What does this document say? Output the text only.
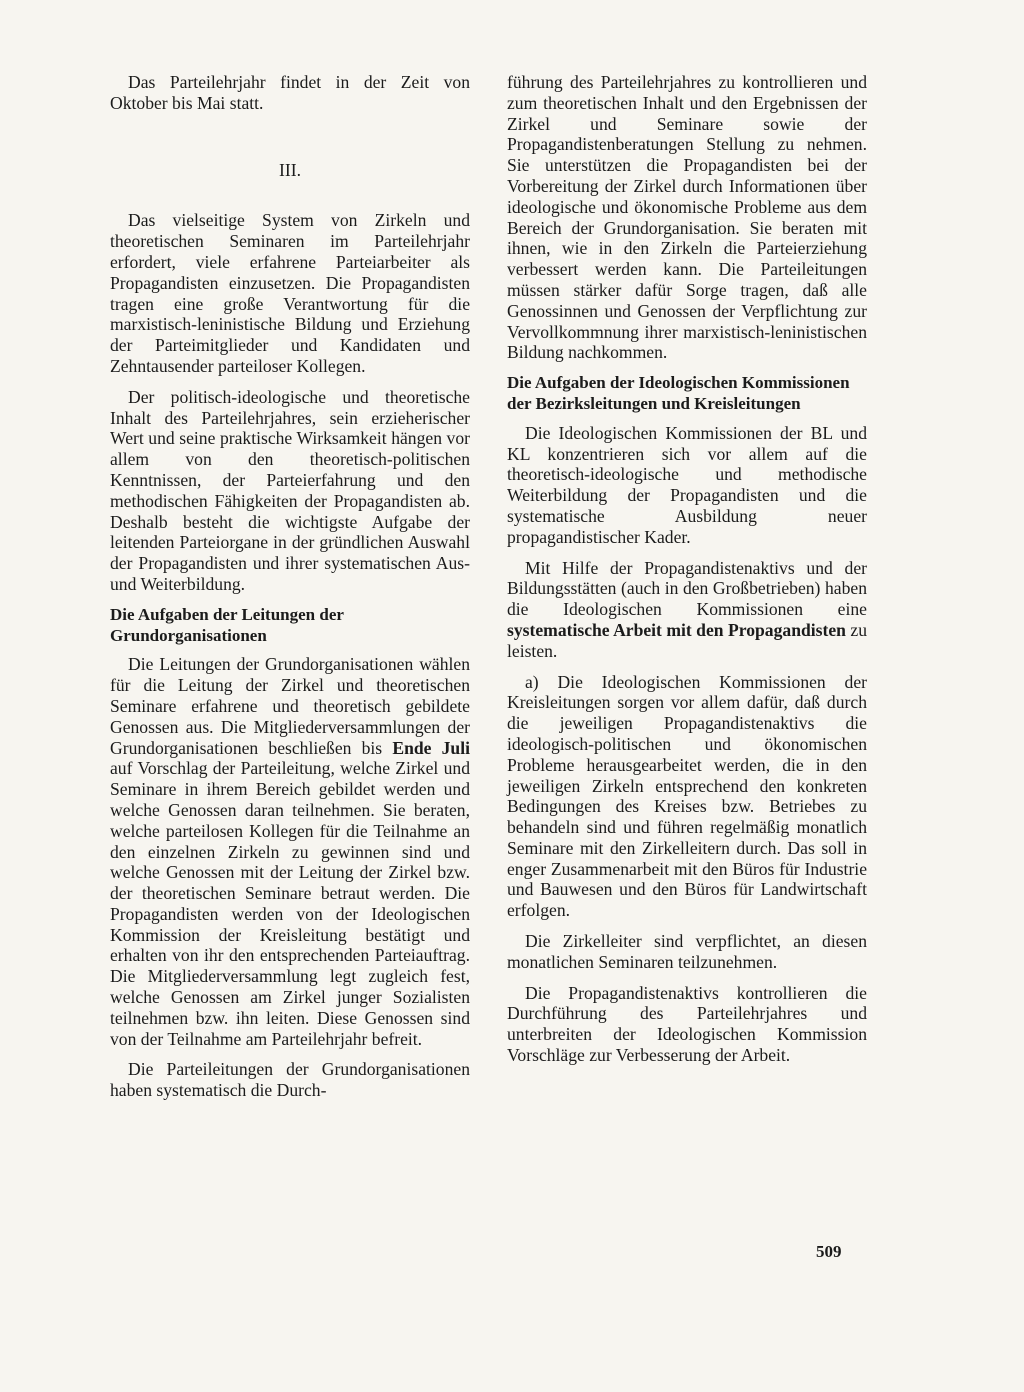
Das Parteilehrjahr findet in der Zeit von Oktober bis Mai statt.

III.

Das vielseitige System von Zirkeln und theoretischen Seminaren im Parteilehrjahr erfordert, viele erfahrene Parteiarbeiter als Propagandisten einzusetzen. Die Propagandisten tragen eine große Verantwortung für die marxistisch-leninistische Bildung und Erziehung der Parteimitglieder und Kandidaten und Zehntausender parteiloser Kollegen.

Der politisch-ideologische und theoretische Inhalt des Parteilehrjahres, sein erzieherischer Wert und seine praktische Wirksamkeit hängen vor allem von den theoretisch-politischen Kenntnissen, der Parteierfahrung und den methodischen Fähigkeiten der Propagandisten ab. Deshalb besteht die wichtigste Aufgabe der leitenden Parteiorgane in der gründlichen Auswahl der Propagandisten und ihrer systematischen Aus- und Weiterbildung.

Die Aufgaben der Leitungen der Grundorganisationen

Die Leitungen der Grundorganisationen wählen für die Leitung der Zirkel und theoretischen Seminare erfahrene und theoretisch gebildete Genossen aus. Die Mitgliederversammlungen der Grundorganisationen beschließen bis Ende Juli auf Vorschlag der Parteileitung, welche Zirkel und Seminare in ihrem Bereich gebildet werden und welche Genossen daran teilnehmen. Sie beraten, welche parteilosen Kollegen für die Teilnahme an den einzelnen Zirkeln zu gewinnen sind und welche Genossen mit der Leitung der Zirkel bzw. der theoretischen Seminare betraut werden. Die Propagandisten werden von der Ideologischen Kommission der Kreisleitung bestätigt und erhalten von ihr den entsprechenden Parteiauftrag. Die Mitgliederversammlung legt zugleich fest, welche Genossen am Zirkel junger Sozialisten teilnehmen bzw. ihn leiten. Diese Genossen sind von der Teilnahme am Parteilehrjahr befreit.

Die Parteileitungen der Grundorganisationen haben systematisch die Durch-

führung des Parteilehrjahres zu kontrollieren und zum theoretischen Inhalt und den Ergebnissen der Zirkel und Seminare sowie der Propagandistenberatungen Stellung zu nehmen. Sie unterstützen die Propagandisten bei der Vorbereitung der Zirkel durch Informationen über ideologische und ökonomische Probleme aus dem Bereich der Grundorganisation. Sie beraten mit ihnen, wie in den Zirkeln die Parteierziehung verbessert werden kann. Die Parteileitungen müssen stärker dafür Sorge tragen, daß alle Genossinnen und Genossen der Verpflichtung zur Vervollkommnung ihrer marxistisch-leninistischen Bildung nachkommen.

Die Aufgaben der Ideologischen Kommissionen der Bezirksleitungen und Kreisleitungen

Die Ideologischen Kommissionen der BL und KL konzentrieren sich vor allem auf die theoretisch-ideologische und methodische Weiterbildung der Propagandisten und die systematische Ausbildung neuer propagandistischer Kader.

Mit Hilfe der Propagandistenaktivs und der Bildungsstätten (auch in den Großbetrieben) haben die Ideologischen Kommissionen eine systematische Arbeit mit den Propagandisten zu leisten.

a) Die Ideologischen Kommissionen der Kreisleitungen sorgen vor allem dafür, daß durch die jeweiligen Propagandistenaktivs die ideologisch-politischen und ökonomischen Probleme herausgearbeitet werden, die in den jeweiligen Zirkeln entsprechend den konkreten Bedingungen des Kreises bzw. Betriebes zu behandeln sind und führen regelmäßig monatlich Seminare mit den Zirkelleitern durch. Das soll in enger Zusammenarbeit mit den Büros für Industrie und Bauwesen und den Büros für Landwirtschaft erfolgen.

Die Zirkelleiter sind verpflichtet, an diesen monatlichen Seminaren teilzunehmen.

Die Propagandistenaktivs kontrollieren die Durchführung des Parteilehrjahres und unterbreiten der Ideologischen Kommission Vorschläge zur Verbesserung der Arbeit.

509
